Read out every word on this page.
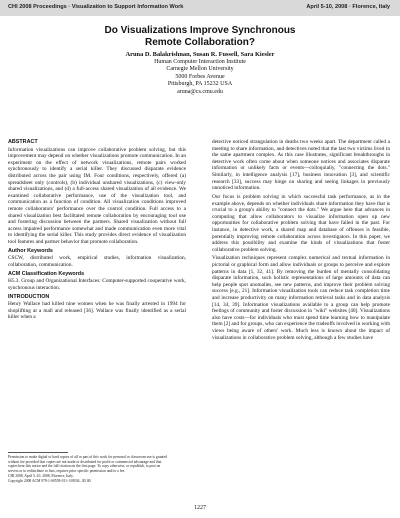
CHI 2008 Proceedings · Visualization to Support Information Work	April 5-10, 2008 · Florence, Italy
Do Visualizations Improve Synchronous
Remote Collaboration?
Aruna D. Balakrishnan, Susan R. Fussell, Sara Kiesler
Human Computer Interaction Institute
Carnegie Mellon University
5000 Forbes Avenue
Pittsburgh, PA 15232 USA
aruna@cs.cmu.edu
ABSTRACT

Information visualizations can improve collaborative problem solving, but this improvement may depend on whether visualizations promote communication. In an experiment on the effect of network visualizations, remote pairs worked synchronously to identify a serial killer. They discussed disparate evidence distributed across the pair using IM. Four conditions, respectively, offered (a) spreadsheet only (controls), (b) individual unshared visualizations, (c) view-only shared visualizations, and (d) a full-access shared visualization of all evidence. We examined collaborative performance, use of the visualization tool, and communication as a function of condition. All visualization conditions improved remote collaborators' performance over the control condition. Full access to a shared visualization best facilitated remote collaboration by encouraging tool use and fostering discussion between the partners. Shared visualization without full access impaired performance somewhat and made communication even more vital to identifying the serial killer. This study provides direct evidence of visualization tool features and partner behavior that promote collaboration.

Author Keywords

CSCW, distributed work, empirical studies, information visualization, collaboration, communication.

ACM Classification Keywords

H5.3. Group and Organizational Interfaces: Computer-supported cooperative work, synchronous interaction.

INTRODUCTION

Henry Wallace had killed nine women when he was finally arrested in 1994 for shoplifting at a mall and released [36]. Wallace was finally identified as a serial killer when a

Permission to make digital or hard copies of all or part of this work for personal or classroom use is granted without fee provided that copies are not made or distributed for profit or commercial advantage and that copies bear this notice and the full citation on the first page. To copy otherwise, or republish, to post on servers or to redistribute to lists, requires prior specific permission and/or a fee.

CHI 2008, April 5–10, 2008, Florence, Italy.

Copyright 2008 ACM 978-1-60558-011-1/08/04...$5.00.

detective noticed strangulation in deaths two weeks apart. The department called a meeting to share information, and detectives noted that the last two victims lived in the same apartment complex. As this case illustrates, significant breakthroughs in detective work often come about when someone notices and associates disparate information or unlikely facts or events—colloquially, "connecting the dots." Similarly, in intelligence analysis [17], business innovation [3], and scientific research [33], success may hinge on sharing and seeing linkages in previously unnoticed information.

Our focus is problem solving in which successful task performance, as in the example above, depends on whether individuals share information they have that is crucial to a group's ability to "connect the dots." We argue here that advances in computing that allow collaborators to visualize information open up new opportunities for collaborative problem solving that have failed in the past. For instance, in detective work, a shared map and database of offenses is feasible, potentially improving remote collaboration across investigators. In this paper, we address this possibility and examine the kinds of visualizations that foster collaborative problem solving.

Visualization techniques represent complex numerical and textual information in pictorial or graphical form and allow individuals or groups to perceive and explore patterns in data [1, 32, 41]. By removing the burden of mentally consolidating disparate information, such holistic representations of large amounts of data can help people spot anomalies, see new patterns, and improve their problem solving success [e.g., 21]. Information visualization tools can reduce task completion time and increase productivity on many information retrieval tasks and in data analysis [14, 34, 39]. Information visualizations available to a group can help promote feelings of community and foster discussion in "wiki" websites [40]. Visualizations also have costs—for individuals who must spend time learning how to manipulate them [2] and for groups, who can experience the tradeoffs involved in working with views being aware of others' work. Much less is known about the impact of visualizations in collaborative problem solving, although a few studies have

1227
